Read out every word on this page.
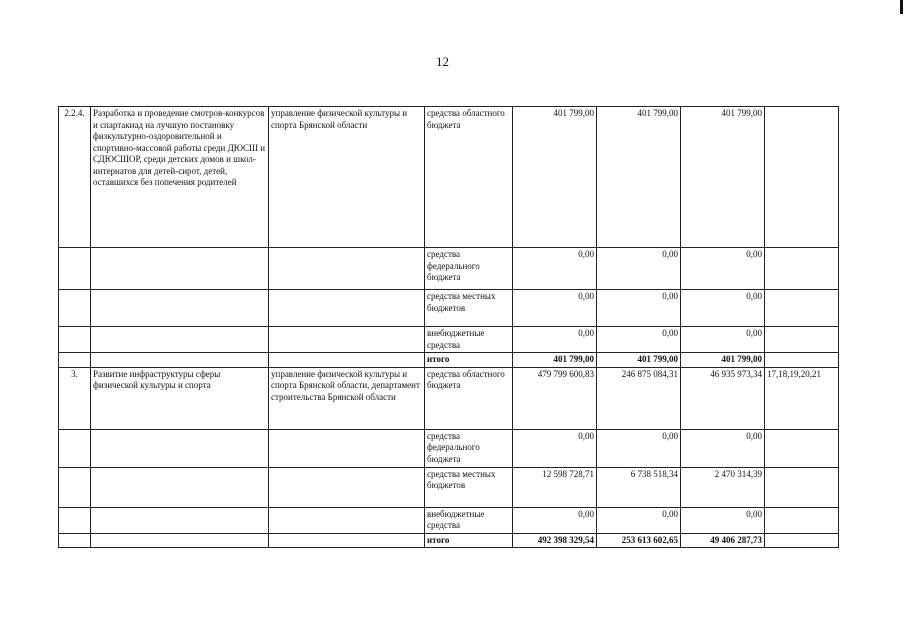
12
2.2.4.	Разработка и проведение смотров-конкурсов и спартакиад на лучшую постановку физкультурно-оздоровительной и спортивно-массовой работы среди ДЮСШ и СДЮСШОР, среди детских домов и школ-интернатов для детей-сирот, детей, оставшихся без попечения родителей	управление физической культуры и спорта Брянской области	средства областного бюджета	401 799,00	401 799,00	401 799,00	
			средства федерального бюджета	0,00	0,00	0,00	
			средства местных бюджетов	0,00	0,00	0,00	
			внебюджетные средства	0,00	0,00	0,00	
			итого	401 799,00	401 799,00	401 799,00	
3.	Развитие инфраструктуры сферы физической культуры и спорта	управление физической культуры и спорта Брянской области, департамент строительства Брянской области	средства областного бюджета	479 799 600,83	246 875 084,31	46 935 973,34	17,18,19,20,21
			средства федерального бюджета	0,00	0,00	0,00	
			средства местных бюджетов	12 598 728,71	6 738 518,34	2 470 314,39	
			внебюджетные средства	0,00	0,00	0,00	
			итого	492 398 329,54	253 613 602,65	49 406 287,73	
